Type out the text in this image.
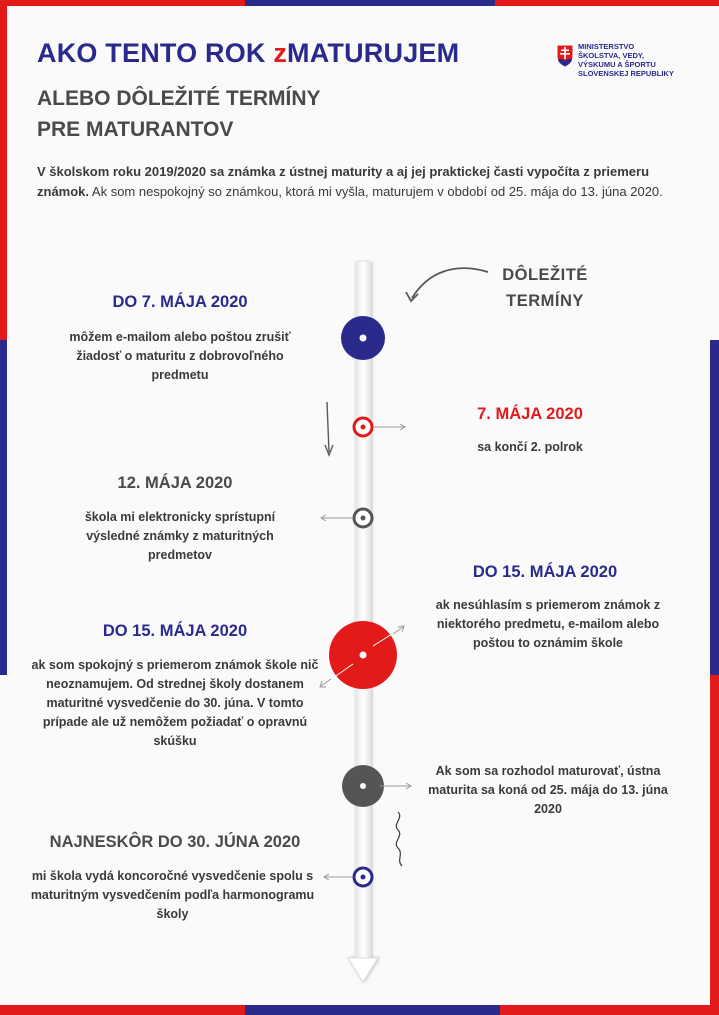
AKO TENTO ROK zMATURUJEM
ALEBO DÔLEŽITÉ TERMÍNY
PRE MATURANTOV
MINISTERSTVO
ŠKOLSTVA, VEDY,
VÝSKUMU A ŠPORTU
SLOVENSKEJ REPUBLIKY
V školskom roku 2019/2020 sa známka z ústnej maturity a aj jej praktickej časti vypočíta z priemeru známok. Ak som nespokojný so známkou, ktorá mi vyšla, maturujem v období od 25. mája do 13. júna 2020.
DÔLEŽITÉ
TERMÍNY
DO 7. MÁJA 2020
môžem e-mailom alebo poštou zrušiť žiadosť o maturitu z dobrovoľného predmetu
7. MÁJA 2020
sa končí 2. polrok
12. MÁJA 2020
škola mi elektronicky sprístupní výsledné známky z maturitných predmetov
DO 15. MÁJA 2020
ak nesúhlasím s priemerom známok z niektorého predmetu, e-mailom alebo poštou to oznámim škole
DO 15. MÁJA 2020
ak som spokojný s priemerom známok škole nič neoznamujem. Od strednej školy dostanem maturitné vysvedčenie do 30. júna. V tomto prípade ale už nemôžem požiadať o opravnú skúšku
Ak som sa rozhodol maturovať, ústna maturita sa koná od 25. mája do 13. júna 2020
NAJNESKÔR DO 30. JÚNA 2020
mi škola vydá koncoročné vysvedčenie spolu s maturitným vysvedčením podľa harmonogramu školy
